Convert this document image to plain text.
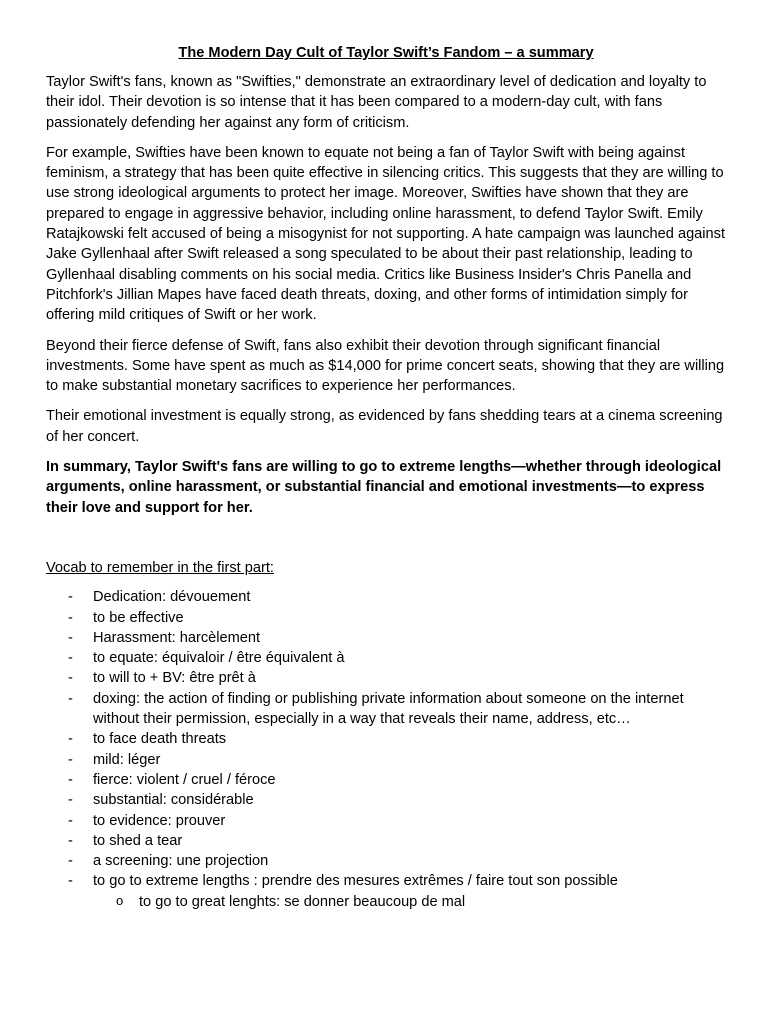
The Modern Day Cult of Taylor Swift’s Fandom – a summary

Taylor Swift's fans, known as "Swifties," demonstrate an extraordinary level of dedication and loyalty to their idol. Their devotion is so intense that it has been compared to a modern-day cult, with fans passionately defending her against any form of criticism.

For example, Swifties have been known to equate not being a fan of Taylor Swift with being against feminism, a strategy that has been quite effective in silencing critics. This suggests that they are willing to use strong ideological arguments to protect her image. Moreover, Swifties have shown that they are prepared to engage in aggressive behavior, including online harassment, to defend Taylor Swift. Emily Ratajkowski felt accused of being a misogynist for not supporting. A hate campaign was launched against Jake Gyllenhaal after Swift released a song speculated to be about their past relationship, leading to Gyllenhaal disabling comments on his social media. Critics like Business Insider's Chris Panella and Pitchfork's Jillian Mapes have faced death threats, doxing, and other forms of intimidation simply for offering mild critiques of Swift or her work.

Beyond their fierce defense of Swift, fans also exhibit their devotion through significant financial investments. Some have spent as much as $14,000 for prime concert seats, showing that they are willing to make substantial monetary sacrifices to experience her performances.

Their emotional investment is equally strong, as evidenced by fans shedding tears at a cinema screening of her concert.

In summary, Taylor Swift's fans are willing to go to extreme lengths—whether through ideological arguments, online harassment, or substantial financial and emotional investments—to express their love and support for her.

Vocab to remember in the first part:
- Dedication: dévouement
- to be effective
- Harassment: harcèlement
- to equate: équivaloir / être équivalent à
- to will to + BV: être prêt à
- doxing: the action of finding or publishing private information about someone on the internet without their permission, especially in a way that reveals their name, address, etc…
- to face death threats
- mild: léger
- fierce: violent / cruel / féroce
- substantial: considérable
- to evidence: prouver
- to shed a tear
- a screening: une projection
- to go to extreme lengths : prendre des mesures extrêmes / faire tout son possible
o to go to great lenghts: se donner beaucoup de mal
